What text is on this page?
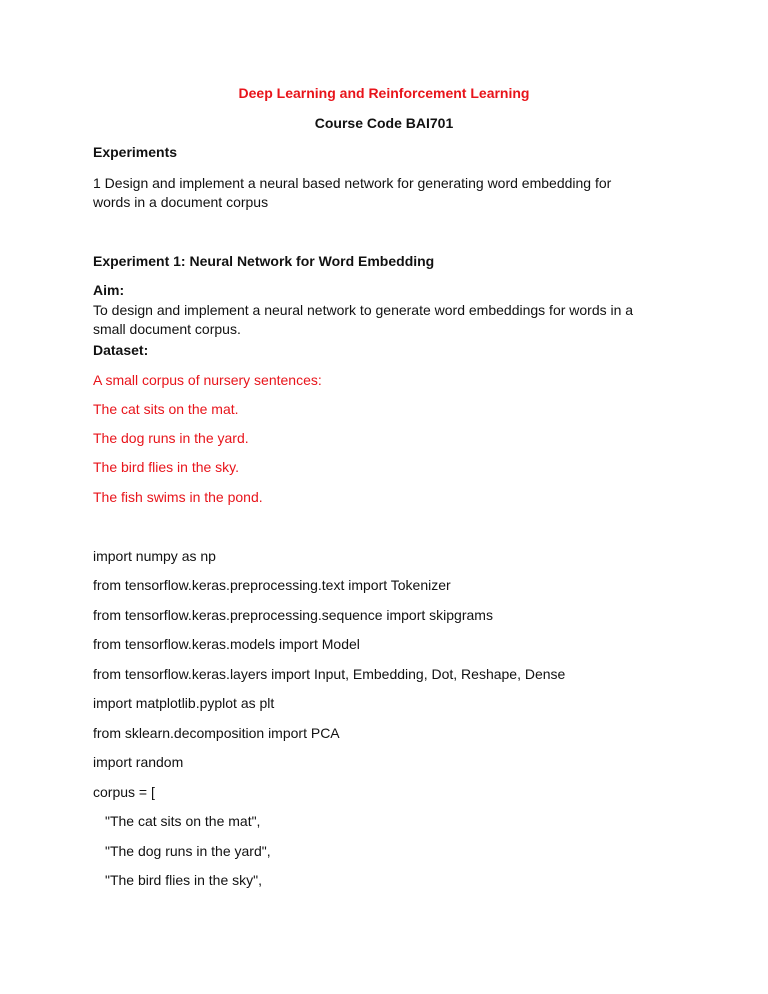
Deep Learning and Reinforcement Learning
Course Code BAI701
Experiments
1 Design and implement a neural based network for generating word embedding for
words in a document corpus
Experiment 1: Neural Network for Word Embedding
Aim:
To design and implement a neural network to generate word embeddings for words in a
small document corpus.
Dataset:
A small corpus of nursery sentences:
The cat sits on the mat.
The dog runs in the yard.
The bird flies in the sky.
The fish swims in the pond.
import numpy as np
from tensorflow.keras.preprocessing.text import Tokenizer
from tensorflow.keras.preprocessing.sequence import skipgrams
from tensorflow.keras.models import Model
from tensorflow.keras.layers import Input, Embedding, Dot, Reshape, Dense
import matplotlib.pyplot as plt
from sklearn.decomposition import PCA
import random
corpus = [
"The cat sits on the mat",
"The dog runs in the yard",
"The bird flies in the sky",
